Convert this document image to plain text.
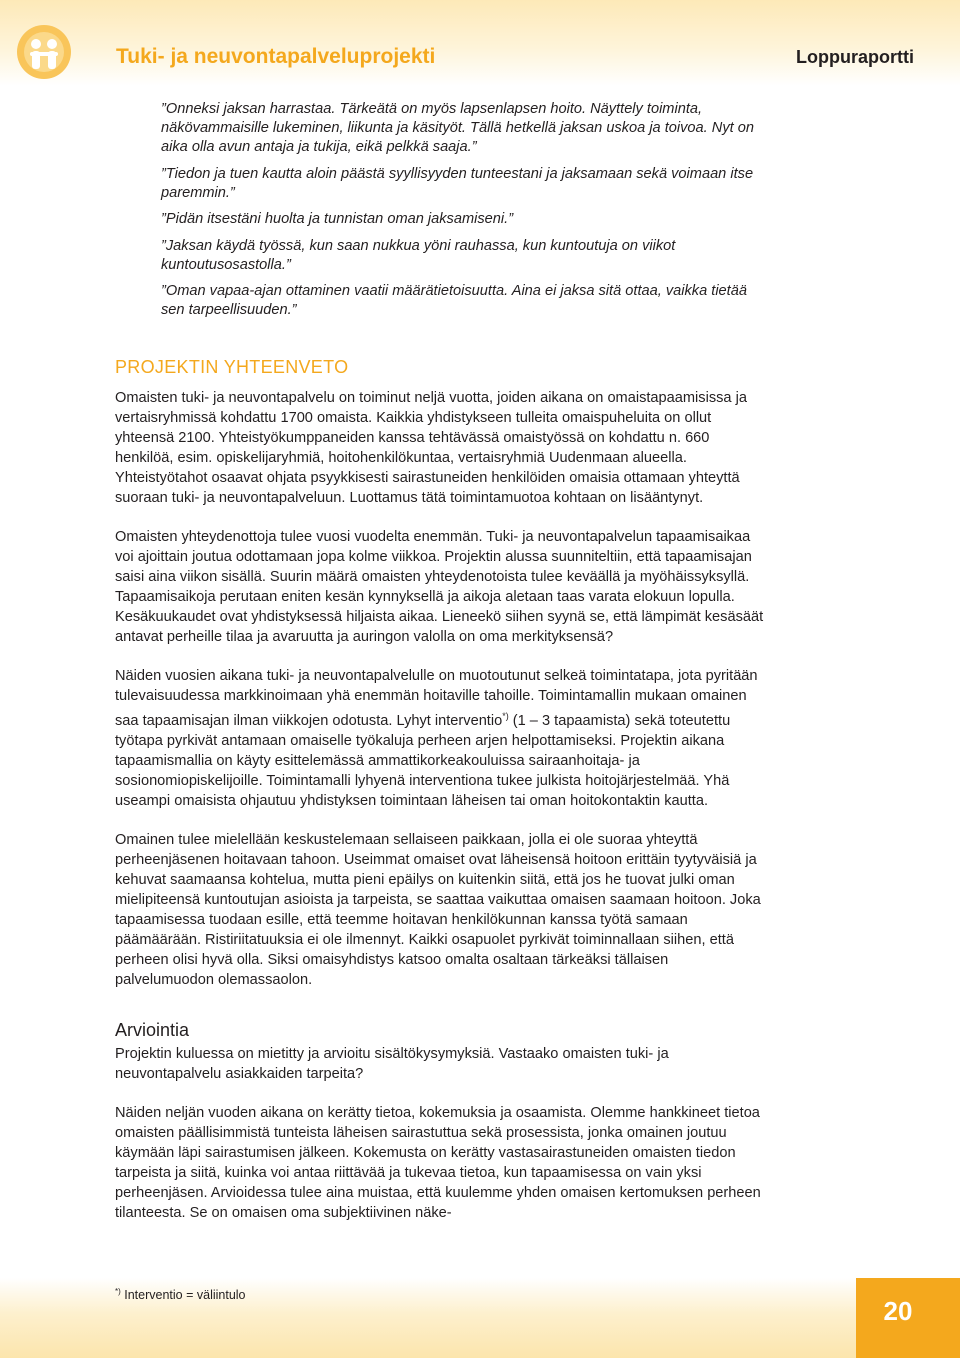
Tuki- ja neuvontapalveluprojekti	Loppuraportti

”Onneksi jaksan harrastaa. Tärkeätä on myös lapsenlapsen hoito. Näyttely toiminta, näkövammaisille lukeminen, liikunta ja käsityöt. Tällä hetkellä jaksan uskoa ja toivoa. Nyt on aika olla avun antaja ja tukija, eikä pelkkä saaja.”

”Tiedon ja tuen kautta aloin päästä syyllisyyden tunteestani ja jaksamaan sekä voimaan itse paremmin.”

”Pidän itsestäni huolta ja tunnistan oman jaksamiseni.”

”Jaksan käydä työssä, kun saan nukkua yöni rauhassa, kun kuntoutuja on viikot kuntoutusosastolla.”

”Oman vapaa-ajan ottaminen vaatii määrätietoisuutta. Aina ei jaksa sitä ottaa, vaikka tietää sen tarpeellisuuden.”

PROJEKTIN YHTEENVETO

Omaisten tuki- ja neuvontapalvelu on toiminut neljä vuotta, joiden aikana on omaistapaamisissa ja vertaisryhmissä kohdattu 1700 omaista. Kaikkia yhdistykseen tulleita omaispuheluita on ollut yhteensä 2100. Yhteistyökumppaneiden kanssa tehtävässä omaistyössä on kohdattu n. 660 henkilöä, esim. opiskelijaryhmiä, hoitohenkilökuntaa, vertaisryhmiä Uudenmaan alueella. Yhteistyötahot osaavat ohjata psyykkisesti sairastuneiden henkilöiden omaisia ottamaan yhteyttä suoraan tuki- ja neuvontapalveluun. Luottamus tätä toimintamuotoa kohtaan on lisääntynyt.

Omaisten yhteydenottoja tulee vuosi vuodelta enemmän. Tuki- ja neuvontapalvelun tapaamisaikaa voi ajoittain joutua odottamaan jopa kolme viikkoa. Projektin alussa suunniteltiin, että tapaamisajan saisi aina viikon sisällä. Suurin määrä omaisten yhteydenotoista tulee keväällä ja myöhäissyksyllä. Tapaamisaikoja perutaan eniten kesän kynnyksellä ja aikoja aletaan taas varata elokuun lopulla. Kesäkuukaudet ovat yhdistyksessä hiljaista aikaa. Lieneekö siihen syynä se, että lämpimät kesäsäät antavat perheille tilaa ja avaruutta ja auringon valolla on oma merkityksensä?

Näiden vuosien aikana tuki- ja neuvontapalvelulle on muotoutunut selkeä toimintatapa, jota pyritään tulevaisuudessa markkinoimaan yhä enemmän hoitaville tahoille. Toimintamallin mukaan omainen saa tapaamisajan ilman viikkojen odotusta. Lyhyt interventio*) (1 – 3 tapaamista) sekä toteutettu työtapa pyrkivät antamaan omaiselle työkaluja perheen arjen helpottamiseksi. Projektin aikana tapaamismallia on käyty esittelemässä ammattikorkeakouluissa sairaanhoitaja- ja sosionomiopiskelijoille. Toimintamalli lyhyenä interventiona tukee julkista hoitojärjestelmää. Yhä useampi omaisista ohjautuu yhdistyksen toimintaan läheisen tai oman hoitokontaktin kautta.

Omainen tulee mielellään keskustelemaan sellaiseen paikkaan, jolla ei ole suoraa yhteyttä perheenjäsenen hoitavaan tahoon. Useimmat omaiset ovat läheisensä hoitoon erittäin tyytyväisiä ja kehuvat saamaansa kohtelua, mutta pieni epäilys on kuitenkin siitä, että jos he tuovat julki oman mielipiteensä kuntoutujan asioista ja tarpeista, se saattaa vaikuttaa omaisen saamaan hoitoon. Joka tapaamisessa tuodaan esille, että teemme hoitavan henkilökunnan kanssa työtä samaan päämäärään. Ristiriitatuuksia ei ole ilmennyt. Kaikki osapuolet pyrkivät toiminnallaan siihen, että perheen olisi hyvä olla. Siksi omaisyhdistys katsoo omalta osaltaan tärkeäksi tällaisen palvelumuodon olemassaolon.

Arviointia

Projektin kuluessa on mietitty ja arvioitu sisältökysymyksiä. Vastaako omaisten tuki- ja neuvontapalvelu asiakkaiden tarpeita?

Näiden neljän vuoden aikana on kerätty tietoa, kokemuksia ja osaamista. Olemme hankkineet tietoa omaisten päällisimmistä tunteista läheisen sairastuttua sekä prosessista, jonka omainen joutuu käymään läpi sairastumisen jälkeen. Kokemusta on kerätty vastasairastuneiden omaisten tiedon tarpeista ja siitä, kuinka voi antaa riittävää ja tukevaa tietoa, kun tapaamisessa on vain yksi perheenjäsen. Arvioidessa tulee aina muistaa, että kuulemme yhden omaisen kertomuksen perheen tilanteesta. Se on omaisen oma subjektiivinen näke-

*) Interventio = väliintulo
20
